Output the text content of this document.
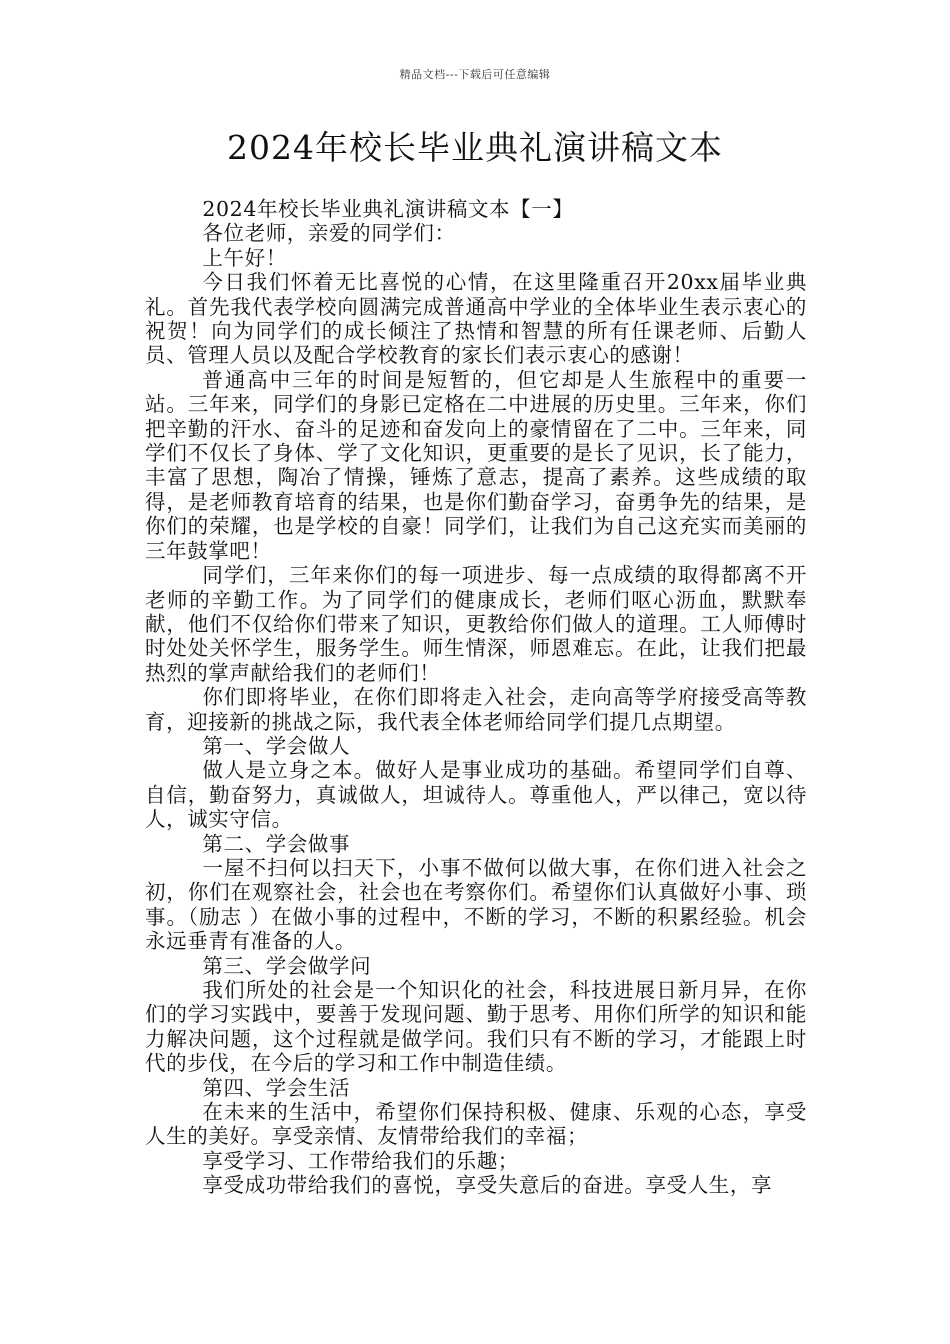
精品文档---下载后可任意编辑
2024年校长毕业典礼演讲稿文本

2024年校长毕业典礼演讲稿文本【一】

各位老师，亲爱的同学们：

上午好！

今日我们怀着无比喜悦的心情，在这里隆重召开20xx届毕业典礼。首先我代表学校向圆满完成普通高中学业的全体毕业生表示衷心的祝贺！向为同学们的成长倾注了热情和智慧的所有任课老师、后勤人员、管理人员以及配合学校教育的家长们表示衷心的感谢！

普通高中三年的时间是短暂的，但它却是人生旅程中的重要一站。三年来，同学们的身影已定格在二中进展的历史里。三年来，你们把辛勤的汗水、奋斗的足迹和奋发向上的豪情留在了二中。三年来，同学们不仅长了身体、学了文化知识，更重要的是长了见识，长了能力，丰富了思想，陶冶了情操，锤炼了意志，提高了素养。这些成绩的取得，是老师教育培育的结果，也是你们勤奋学习，奋勇争先的结果，是你们的荣耀，也是学校的自豪！同学们，让我们为自己这充实而美丽的三年鼓掌吧！

同学们，三年来你们的每一项进步、每一点成绩的取得都离不开老师的辛勤工作。为了同学们的健康成长，老师们呕心沥血，默默奉献，他们不仅给你们带来了知识，更教给你们做人的道理。工人师傅时时处处关怀学生，服务学生。师生情深，师恩难忘。在此，让我们把最热烈的掌声献给我们的老师们！

你们即将毕业，在你们即将走入社会，走向高等学府接受高等教育，迎接新的挑战之际，我代表全体老师给同学们提几点期望。

第一、学会做人

做人是立身之本。做好人是事业成功的基础。希望同学们自尊、自信，勤奋努力，真诚做人，坦诚待人。尊重他人，严以律己，宽以待人，诚实守信。

第二、学会做事

一屋不扫何以扫天下，小事不做何以做大事，在你们进入社会之初，你们在观察社会，社会也在考察你们。希望你们认真做好小事、琐事。（励志 ）在做小事的过程中，不断的学习，不断的积累经验。机会永远垂青有准备的人。

第三、学会做学问

我们所处的社会是一个知识化的社会，科技进展日新月异，在你们的学习实践中，要善于发现问题、勤于思考、用你们所学的知识和能力解决问题，这个过程就是做学问。我们只有不断的学习，才能跟上时代的步伐，在今后的学习和工作中制造佳绩。

第四、学会生活

在未来的生活中，希望你们保持积极、健康、乐观的心态，享受人生的美好。享受亲情、友情带给我们的幸福；

享受学习、工作带给我们的乐趣；

享受成功带给我们的喜悦，享受失意后的奋进。享受人生，享
